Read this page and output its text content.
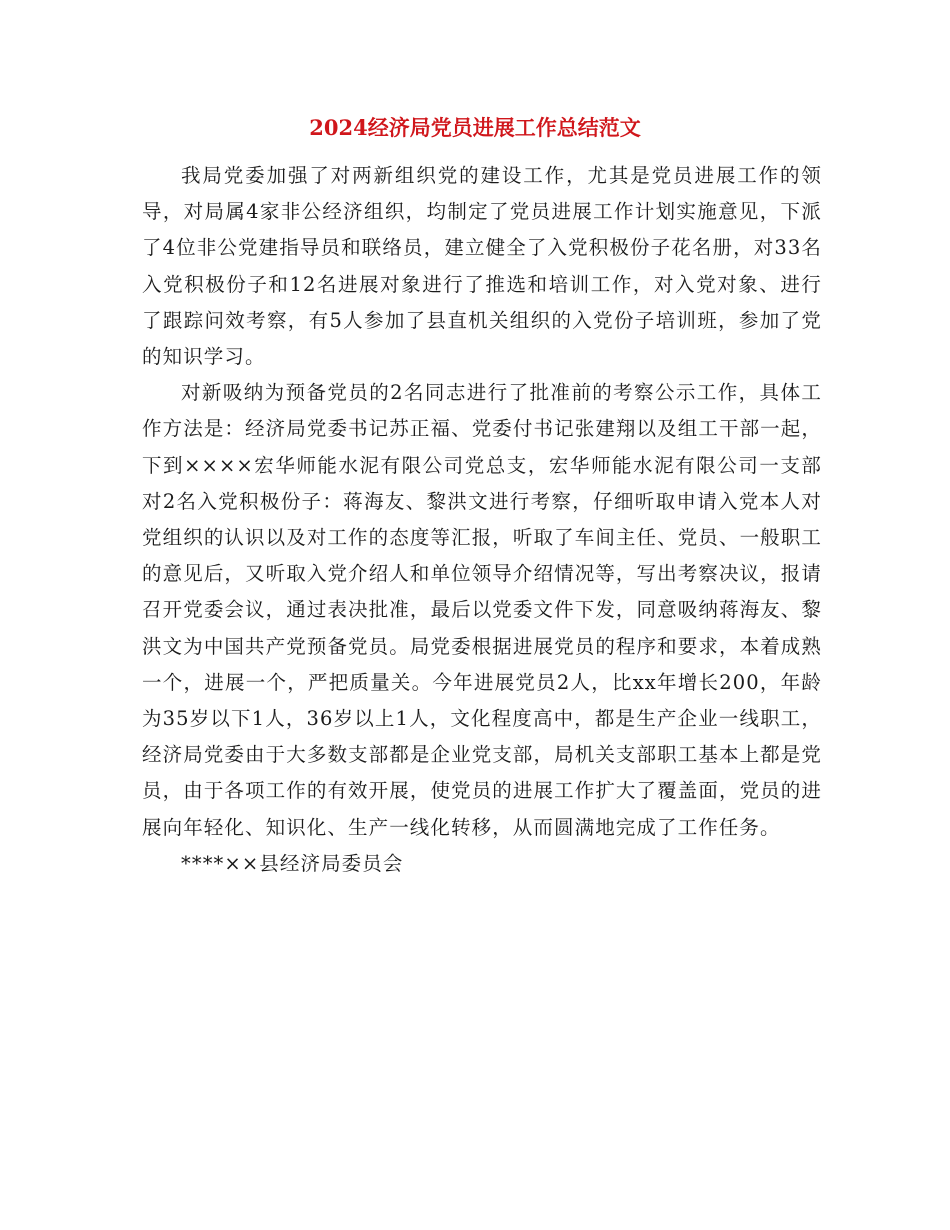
2024经济局党员进展工作总结范文

我局党委加强了对两新组织党的建设工作，尤其是党员进展工作的领导，对局属4家非公经济组织，均制定了党员进展工作计划实施意见，下派了4位非公党建指导员和联络员，建立健全了入党积极份子花名册，对33名入党积极份子和12名进展对象进行了推选和培训工作，对入党对象、进行了跟踪问效考察，有5人参加了县直机关组织的入党份子培训班，参加了党的知识学习。

对新吸纳为预备党员的2名同志进行了批准前的考察公示工作，具体工作方法是：经济局党委书记苏正福、党委付书记张建翔以及组工干部一起，下到××××宏华师能水泥有限公司党总支，宏华师能水泥有限公司一支部对2名入党积极份子：蒋海友、黎洪文进行考察，仔细听取申请入党本人对党组织的认识以及对工作的态度等汇报，听取了车间主任、党员、一般职工的意见后，又听取入党介绍人和单位领导介绍情况等，写出考察决议，报请召开党委会议，通过表决批准，最后以党委文件下发，同意吸纳蒋海友、黎洪文为中国共产党预备党员。局党委根据进展党员的程序和要求，本着成熟一个，进展一个，严把质量关。今年进展党员2人，比xx年增长200，年龄为35岁以下1人，36岁以上1人，文化程度高中，都是生产企业一线职工，经济局党委由于大多数支部都是企业党支部，局机关支部职工基本上都是党员，由于各项工作的有效开展，使党员的进展工作扩大了覆盖面，党员的进展向年轻化、知识化、生产一线化转移，从而圆满地完成了工作任务。

****××县经济局委员会
